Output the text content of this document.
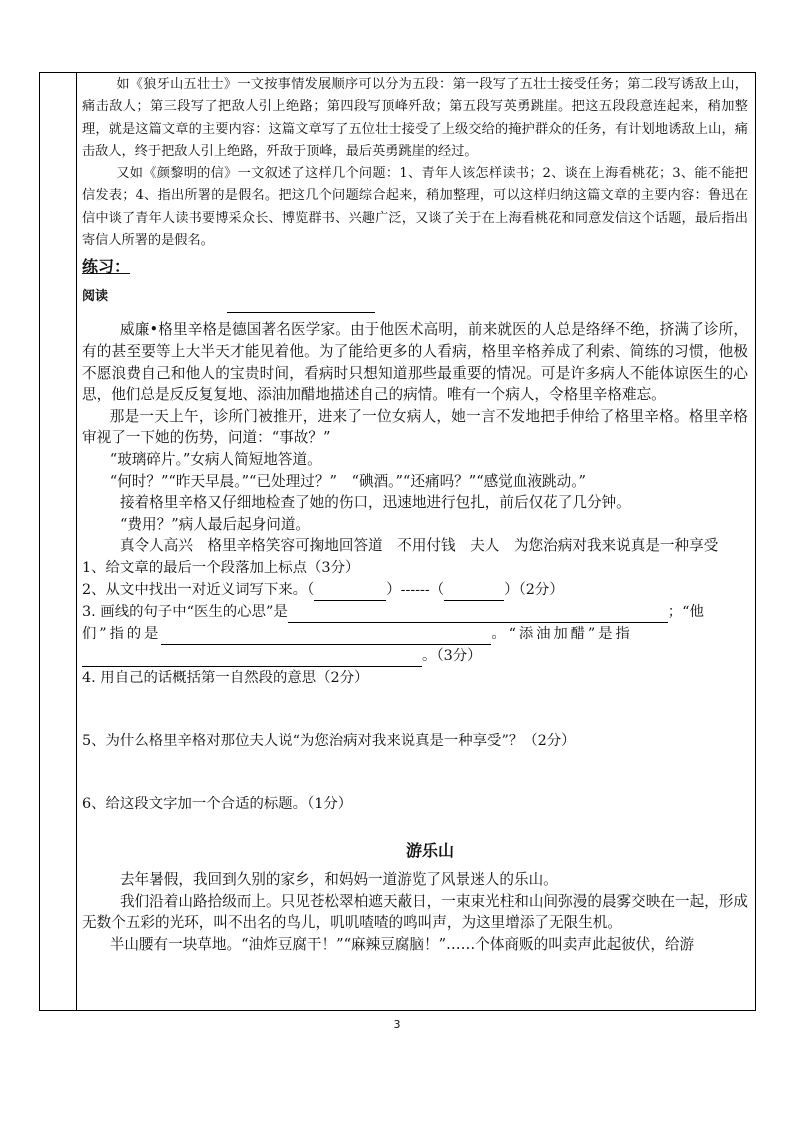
如《狼牙山五壮士》一文按事情发展顺序可以分为五段：第一段写了五壮士接受任务；第二段写诱敌上山，痛击敌人；第三段写了把敌人引上绝路；第四段写顶峰歼敌；第五段写英勇跳崖。把这五段段意连起来，稍加整理，就是这篇文章的主要内容：这篇文章写了五位壮士接受了上级交给的掩护群众的任务，有计划地诱敌上山，痛击敌人，终于把敌人引上绝路，歼敌于顶峰，最后英勇跳崖的经过。

又如《颜黎明的信》一文叙述了这样几个问题：1、青年人该怎样读书；2、谈在上海看桃花；3、能不能把信发表；4、指出所署的是假名。把这几个问题综合起来，稍加整理，可以这样归纳这篇文章的主要内容：鲁迅在信中谈了青年人读书要博采众长、博览群书、兴趣广泛，又谈了关于在上海看桃花和同意发信这个话题，最后指出寄信人所署的是假名。

练习：

阅读

威廉•格里辛格是德国著名医学家。由于他医术高明，前来就医的人总是络绎不绝，挤满了诊所，有的甚至要等上大半天才能见着他。为了能给更多的人看病，格里辛格养成了利索、简练的习惯，他极不愿浪费自己和他人的宝贵时间，看病时只想知道那些最重要的情况。可是许多病人不能体谅医生的心思，他们总是反反复复地、添油加醋地描述自己的病情。唯有一个病人，令格里辛格难忘。

那是一天上午，诊所门被推开，进来了一位女病人，她一言不发地把手伸给了格里辛格。格里辛格审视了一下她的伤势，问道：“事故？”

“玻璃碎片。”女病人简短地答道。

“何时？”“昨天早晨。”“已处理过？”　“碘酒。”“还痛吗？”“感觉血液跳动。”

接着格里辛格又仔细地检查了她的伤口，迅速地进行包扎，前后仅花了几分钟。

“费用？”病人最后起身问道。

真令人高兴　格里辛格笑容可掬地回答道　不用付钱　夫人　为您治病对我来说真是一种享受

1、给文章的最后一个段落加上标点（3分）

2、从文中找出一对近义词写下来。（	）------（	）（2分）

3. 画线的句子中“医生的心思”是	；“他

们”指的是	。“添油加醋”是指

。（3分）

4. 用自己的话概括第一自然段的意思（2分）

5、为什么格里辛格对那位夫人说“为您治病对我来说真是一种享受”？（2分）

6、给这段文字加一个合适的标题。（1分）

游乐山

去年暑假，我回到久别的家乡，和妈妈一道游览了风景迷人的乐山。

我们沿着山路拾级而上。只见苍松翠柏遮天蔽日，一束束光柱和山间弥漫的晨雾交映在一起，形成无数个五彩的光环，叫不出名的鸟儿，叽叽喳喳的鸣叫声，为这里增添了无限生机。

半山腰有一块草地。“油炸豆腐干！”“麻辣豆腐脑！”……个体商贩的叫卖声此起彼伏，给游

3
